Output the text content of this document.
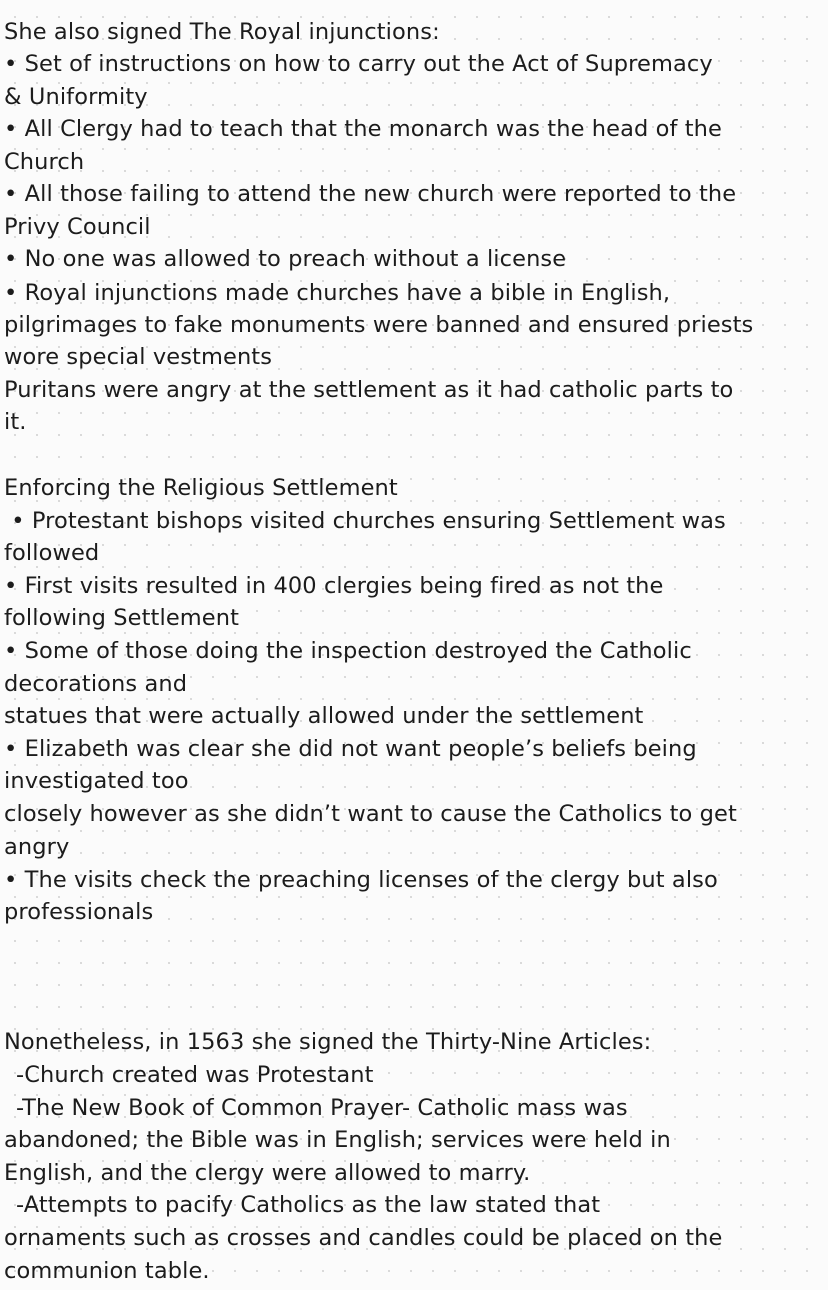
She also signed The Royal injunctions:
• Set of instructions on how to carry out the Act of Supremacy
& Uniformity
• All Clergy had to teach that the monarch was the head of the
Church
• All those failing to attend the new church were reported to the
Privy Council
• No one was allowed to preach without a license
• Royal injunctions made churches have a bible in English,
pilgrimages to fake monuments were banned and ensured priests
wore special vestments
Puritans were angry at the settlement as it had catholic parts to
it.
Enforcing the Religious Settlement
• Protestant bishops visited churches ensuring Settlement was
followed
• First visits resulted in 400 clergies being fired as not the
following Settlement
• Some of those doing the inspection destroyed the Catholic
decorations and
statues that were actually allowed under the settlement
• Elizabeth was clear she did not want people’s beliefs being
investigated too
closely however as she didn’t want to cause the Catholics to get
angry
• The visits check the preaching licenses of the clergy but also
professionals
Nonetheless, in 1563 she signed the Thirty-Nine Articles:
-Church created was Protestant
-The New Book of Common Prayer- Catholic mass was
abandoned; the Bible was in English; services were held in
English, and the clergy were allowed to marry.
-Attempts to pacify Catholics as the law stated that
ornaments such as crosses and candles could be placed on the
communion table.
